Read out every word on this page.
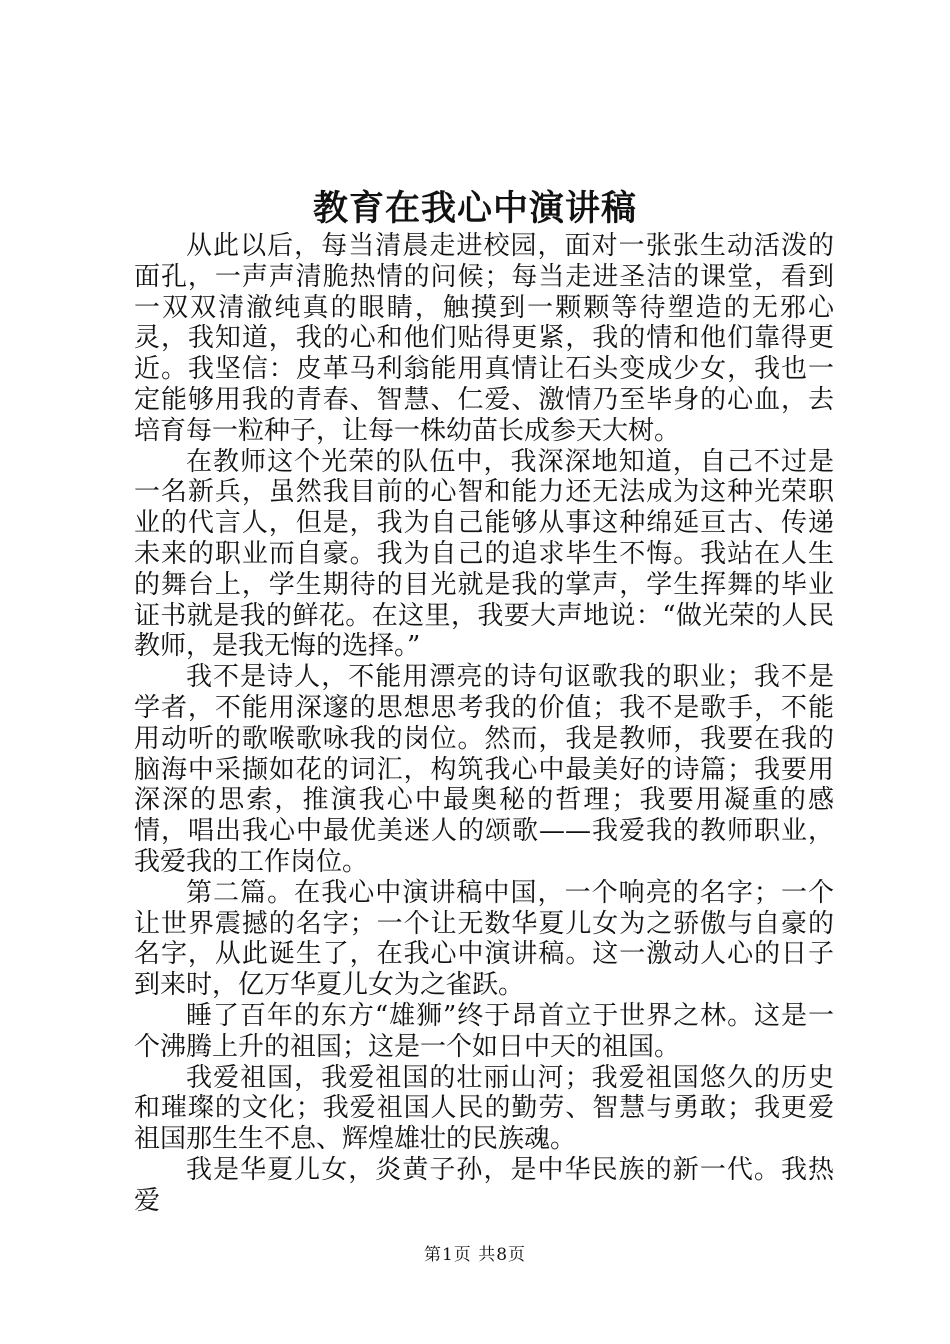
教育在我心中演讲稿

从此以后，每当清晨走进校园，面对一张张生动活泼的面孔，一声声清脆热情的问候；每当走进圣洁的课堂，看到一双双清澈纯真的眼睛，触摸到一颗颗等待塑造的无邪心灵，我知道，我的心和他们贴得更紧，我的情和他们靠得更近。我坚信：皮革马利翁能用真情让石头变成少女，我也一定能够用我的青春、智慧、仁爱、激情乃至毕身的心血，去培育每一粒种子，让每一株幼苗长成参天大树。

在教师这个光荣的队伍中，我深深地知道，自己不过是一名新兵，虽然我目前的心智和能力还无法成为这种光荣职业的代言人，但是，我为自己能够从事这种绵延亘古、传递未来的职业而自豪。我为自己的追求毕生不悔。我站在人生的舞台上，学生期待的目光就是我的掌声，学生挥舞的毕业证书就是我的鲜花。在这里，我要大声地说：“做光荣的人民教师，是我无悔的选择。”

我不是诗人，不能用漂亮的诗句讴歌我的职业；我不是学者，不能用深邃的思想思考我的价值；我不是歌手，不能用动听的歌喉歌咏我的岗位。然而，我是教师，我要在我的脑海中采撷如花的词汇，构筑我心中最美好的诗篇；我要用深深的思索，推演我心中最奥秘的哲理；我要用凝重的感情，唱出我心中最优美迷人的颂歌——我爱我的教师职业，我爱我的工作岗位。

第二篇。在我心中演讲稿中国，一个响亮的名字；一个让世界震撼的名字；一个让无数华夏儿女为之骄傲与自豪的名字，从此诞生了，在我心中演讲稿。这一激动人心的日子到来时，亿万华夏儿女为之雀跃。

睡了百年的东方“雄狮”终于昂首立于世界之林。这是一个沸腾上升的祖国；这是一个如日中天的祖国。

我爱祖国，我爱祖国的壮丽山河；我爱祖国悠久的历史和璀璨的文化；我爱祖国人民的勤劳、智慧与勇敢；我更爱祖国那生生不息、辉煌雄壮的民族魂。

我是华夏儿女，炎黄子孙，是中华民族的新一代。我热爱

第1页 共8页
